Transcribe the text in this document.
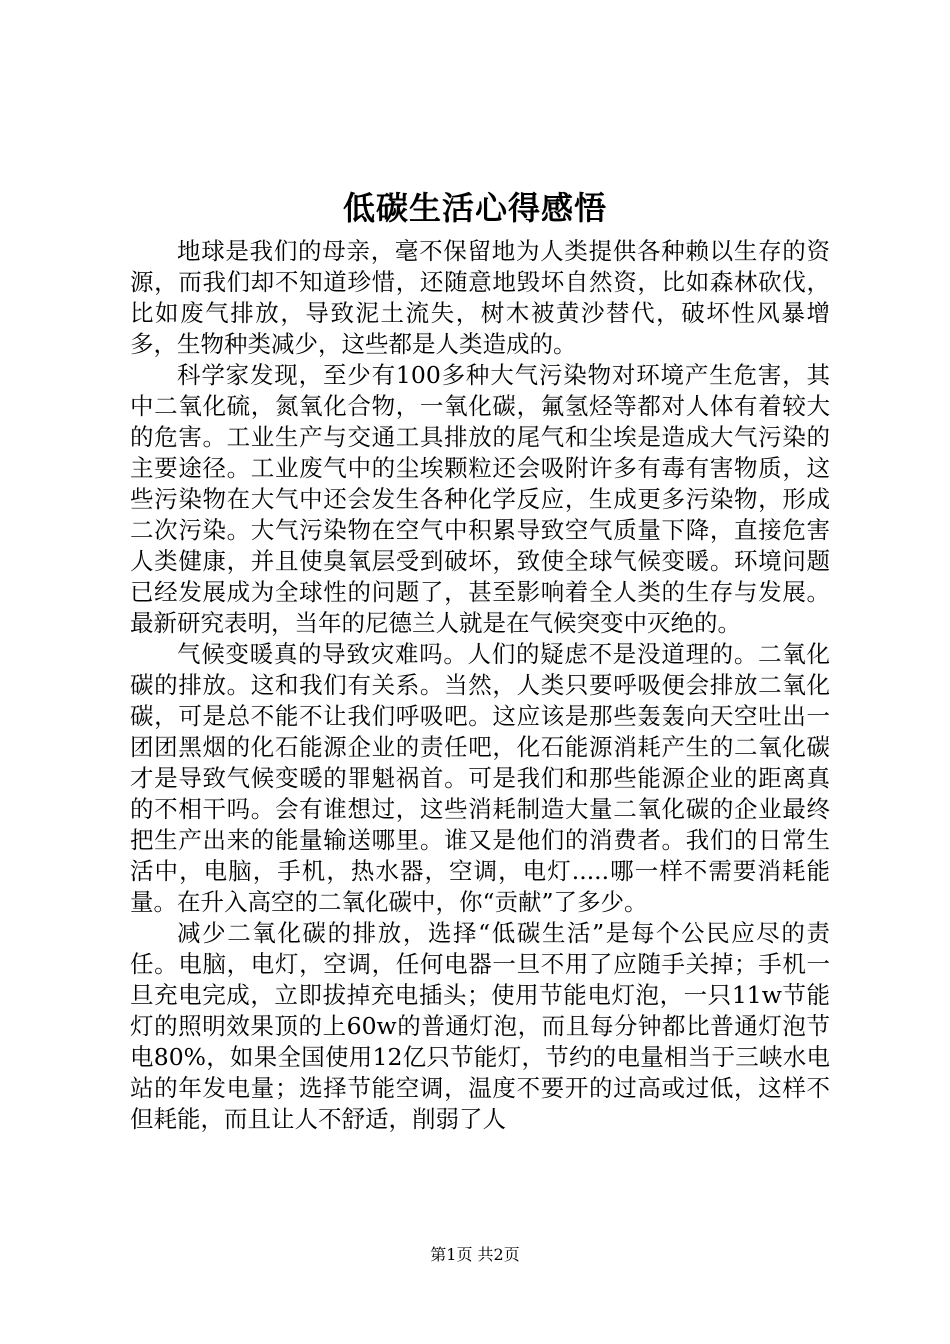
低碳生活心得感悟

地球是我们的母亲，毫不保留地为人类提供各种赖以生存的资源，而我们却不知道珍惜，还随意地毁坏自然资，比如森林砍伐，比如废气排放，导致泥土流失，树木被黄沙替代，破坏性风暴增多，生物种类减少，这些都是人类造成的。

科学家发现，至少有100多种大气污染物对环境产生危害，其中二氧化硫，氮氧化合物，一氧化碳，氟氢烃等都对人体有着较大的危害。工业生产与交通工具排放的尾气和尘埃是造成大气污染的主要途径。工业废气中的尘埃颗粒还会吸附许多有毒有害物质，这些污染物在大气中还会发生各种化学反应，生成更多污染物，形成二次污染。大气污染物在空气中积累导致空气质量下降，直接危害人类健康，并且使臭氧层受到破坏，致使全球气候变暖。环境问题已经发展成为全球性的问题了，甚至影响着全人类的生存与发展。最新研究表明，当年的尼德兰人就是在气候突变中灭绝的。

气候变暖真的导致灾难吗。人们的疑虑不是没道理的。二氧化碳的排放。这和我们有关系。当然，人类只要呼吸便会排放二氧化碳，可是总不能不让我们呼吸吧。这应该是那些轰轰向天空吐出一团团黑烟的化石能源企业的责任吧，化石能源消耗产生的二氧化碳才是导致气候变暖的罪魁祸首。可是我们和那些能源企业的距离真的不相干吗。会有谁想过，这些消耗制造大量二氧化碳的企业最终把生产出来的能量输送哪里。谁又是他们的消费者。我们的日常生活中，电脑，手机，热水器，空调，电灯.....哪一样不需要消耗能量。在升入高空的二氧化碳中，你“贡献”了多少。

减少二氧化碳的排放，选择“低碳生活”是每个公民应尽的责任。电脑，电灯，空调，任何电器一旦不用了应随手关掉；手机一旦充电完成，立即拔掉充电插头；使用节能电灯泡，一只11w节能灯的照明效果顶的上60w的普通灯泡，而且每分钟都比普通灯泡节电80%，如果全国使用12亿只节能灯，节约的电量相当于三峡水电站的年发电量；选择节能空调，温度不要开的过高或过低，这样不但耗能，而且让人不舒适，削弱了人

第1页 共2页
